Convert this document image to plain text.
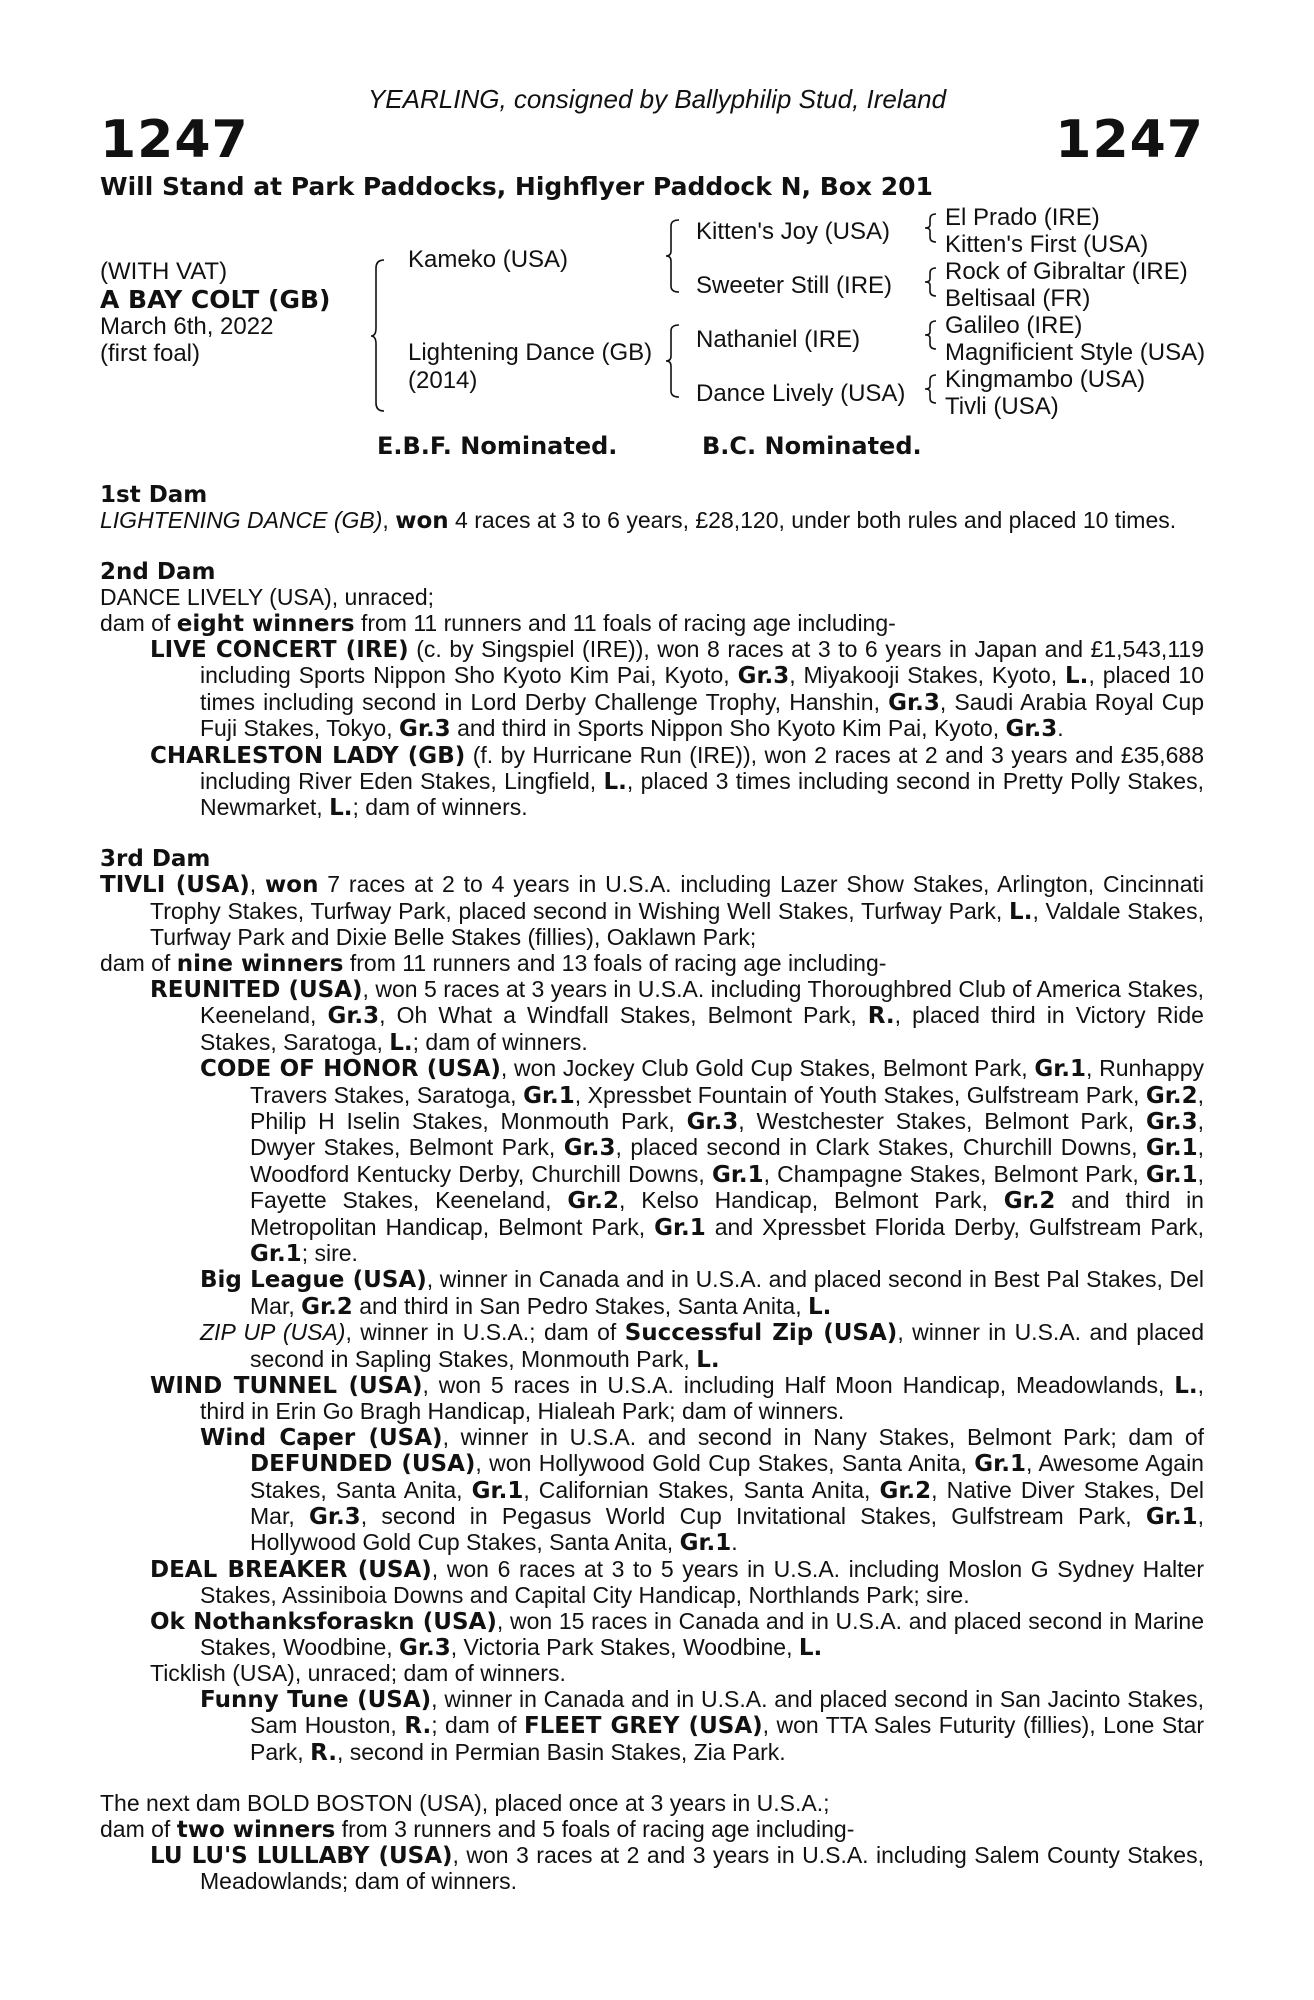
YEARLING, consigned by Ballyphilip Stud, Ireland
1247	1247
Will Stand at Park Paddocks, Highflyer Paddock N, Box 201
(WITH VAT)
A BAY COLT (GB)
March 6th, 2022
(first foal)
Kameko (USA)
Lightening Dance (GB)
(2014)
Kitten's Joy (USA)
Sweeter Still (IRE)
Nathaniel (IRE)
Dance Lively (USA)
El Prado (IRE)
Kitten's First (USA)
Rock of Gibraltar (IRE)
Beltisaal (FR)
Galileo (IRE)
Magnificient Style (USA)
Kingmambo (USA)
Tivli (USA)
E.B.F. Nominated.	B.C. Nominated.

1st Dam

LIGHTENING DANCE (GB), won 4 races at 3 to 6 years, £28,120, under both rules and placed 10 times.

2nd Dam

DANCE LIVELY (USA), unraced;

dam of eight winners from 11 runners and 11 foals of racing age including-

LIVE CONCERT (IRE) (c. by Singspiel (IRE)), won 8 races at 3 to 6 years in Japan and £1,543,119 including Sports Nippon Sho Kyoto Kim Pai, Kyoto, Gr.3, Miyakooji Stakes, Kyoto, L., placed 10 times including second in Lord Derby Challenge Trophy, Hanshin, Gr.3, Saudi Arabia Royal Cup Fuji Stakes, Tokyo, Gr.3 and third in Sports Nippon Sho Kyoto Kim Pai, Kyoto, Gr.3.

CHARLESTON LADY (GB) (f. by Hurricane Run (IRE)), won 2 races at 2 and 3 years and £35,688 including River Eden Stakes, Lingfield, L., placed 3 times including second in Pretty Polly Stakes, Newmarket, L.; dam of winners.

3rd Dam

TIVLI (USA), won 7 races at 2 to 4 years in U.S.A. including Lazer Show Stakes, Arlington, Cincinnati Trophy Stakes, Turfway Park, placed second in Wishing Well Stakes, Turfway Park, L., Valdale Stakes, Turfway Park and Dixie Belle Stakes (fillies), Oaklawn Park;

dam of nine winners from 11 runners and 13 foals of racing age including-

REUNITED (USA), won 5 races at 3 years in U.S.A. including Thoroughbred Club of America Stakes, Keeneland, Gr.3, Oh What a Windfall Stakes, Belmont Park, R., placed third in Victory Ride Stakes, Saratoga, L.; dam of winners.

CODE OF HONOR (USA), won Jockey Club Gold Cup Stakes, Belmont Park, Gr.1, Runhappy Travers Stakes, Saratoga, Gr.1, Xpressbet Fountain of Youth Stakes, Gulfstream Park, Gr.2, Philip H Iselin Stakes, Monmouth Park, Gr.3, Westchester Stakes, Belmont Park, Gr.3, Dwyer Stakes, Belmont Park, Gr.3, placed second in Clark Stakes, Churchill Downs, Gr.1, Woodford Kentucky Derby, Churchill Downs, Gr.1, Champagne Stakes, Belmont Park, Gr.1, Fayette Stakes, Keeneland, Gr.2, Kelso Handicap, Belmont Park, Gr.2 and third in Metropolitan Handicap, Belmont Park, Gr.1 and Xpressbet Florida Derby, Gulfstream Park, Gr.1; sire.

Big League (USA), winner in Canada and in U.S.A. and placed second in Best Pal Stakes, Del Mar, Gr.2 and third in San Pedro Stakes, Santa Anita, L.

ZIP UP (USA), winner in U.S.A.; dam of Successful Zip (USA), winner in U.S.A. and placed second in Sapling Stakes, Monmouth Park, L.

WIND TUNNEL (USA), won 5 races in U.S.A. including Half Moon Handicap, Meadowlands, L., third in Erin Go Bragh Handicap, Hialeah Park; dam of winners.

Wind Caper (USA), winner in U.S.A. and second in Nany Stakes, Belmont Park; dam of DEFUNDED (USA), won Hollywood Gold Cup Stakes, Santa Anita, Gr.1, Awesome Again Stakes, Santa Anita, Gr.1, Californian Stakes, Santa Anita, Gr.2, Native Diver Stakes, Del Mar, Gr.3, second in Pegasus World Cup Invitational Stakes, Gulfstream Park, Gr.1, Hollywood Gold Cup Stakes, Santa Anita, Gr.1.

DEAL BREAKER (USA), won 6 races at 3 to 5 years in U.S.A. including Moslon G Sydney Halter Stakes, Assiniboia Downs and Capital City Handicap, Northlands Park; sire.

Ok Nothanksforaskn (USA), won 15 races in Canada and in U.S.A. and placed second in Marine Stakes, Woodbine, Gr.3, Victoria Park Stakes, Woodbine, L.

Ticklish (USA), unraced; dam of winners.

Funny Tune (USA), winner in Canada and in U.S.A. and placed second in San Jacinto Stakes, Sam Houston, R.; dam of FLEET GREY (USA), won TTA Sales Futurity (fillies), Lone Star Park, R., second in Permian Basin Stakes, Zia Park.

The next dam BOLD BOSTON (USA), placed once at 3 years in U.S.A.;

dam of two winners from 3 runners and 5 foals of racing age including-

LU LU'S LULLABY (USA), won 3 races at 2 and 3 years in U.S.A. including Salem County Stakes, Meadowlands; dam of winners.
